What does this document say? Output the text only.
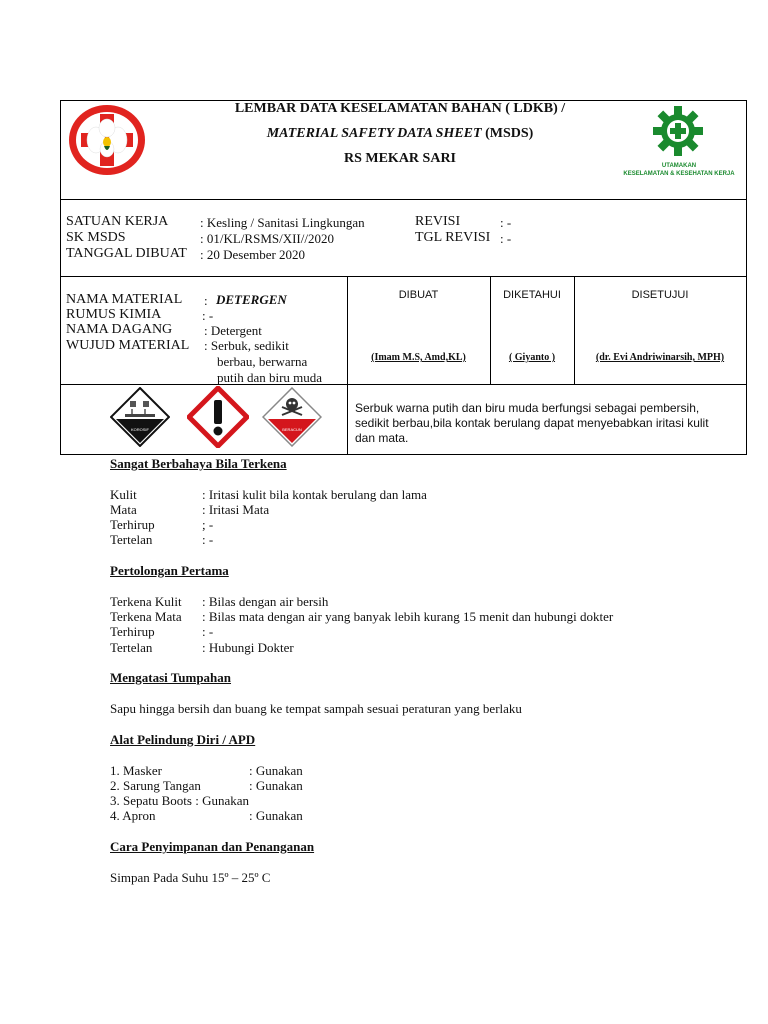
LEMBAR DATA KESELAMATAN BAHAN ( LDKB) /
MATERIAL SAFETY DATA SHEET (MSDS)
RS MEKAR SARI	UTAMAKAN
KESELAMATAN & KESEHATAN KERJA
SATUAN KERJA : Kesling / Sanitasi Lingkungan	REVISI	: -
SK MSDS	: 01/KL/RSMS/XII//2020	TGL REVISI : -
TANGGAL DIBUAT : 20 Desember 2020
NAMA MATERIAL : DETERGEN
RUMUS KIMIA	: -
NAMA DAGANG : Detergent
WUJUD MATERIAL : Serbuk, sedikit
berbau, berwarna
putih dan biru muda
DIBUAT	DIKETAHUI	DISETUJUI
(Imam M.S, Amd,KL)	( Giyanto )	(dr. Evi Andriwinarsih, MPH)
KOROSIF	BERACUN
Serbuk warna putih dan biru muda berfungsi sebagai pembersih,
sedikit berbau,bila kontak berulang dapat menyebabkan iritasi kulit
dan mata.
Sangat Berbahaya Bila Terkena
Kulit	: Iritasi kulit bila kontak berulang dan lama
Mata	: Iritasi Mata
Terhirup	; -
Tertelan	: -
Pertolongan Pertama
Terkena Kulit : Bilas dengan air bersih
Terkena Mata : Bilas mata dengan air yang banyak lebih kurang 15 menit dan hubungi dokter
Terhirup	: -
Tertelan	: Hubungi Dokter
Mengatasi Tumpahan
Sapu hingga bersih dan buang ke tempat sampah sesuai peraturan yang berlaku
Alat Pelindung Diri / APD
1. Masker	: Gunakan
2. Sarung Tangan	: Gunakan
3. Sepatu Boots : Gunakan
4. Apron	: Gunakan
Cara Penyimpanan dan Penanganan
Simpan Pada Suhu 15º – 25º C
